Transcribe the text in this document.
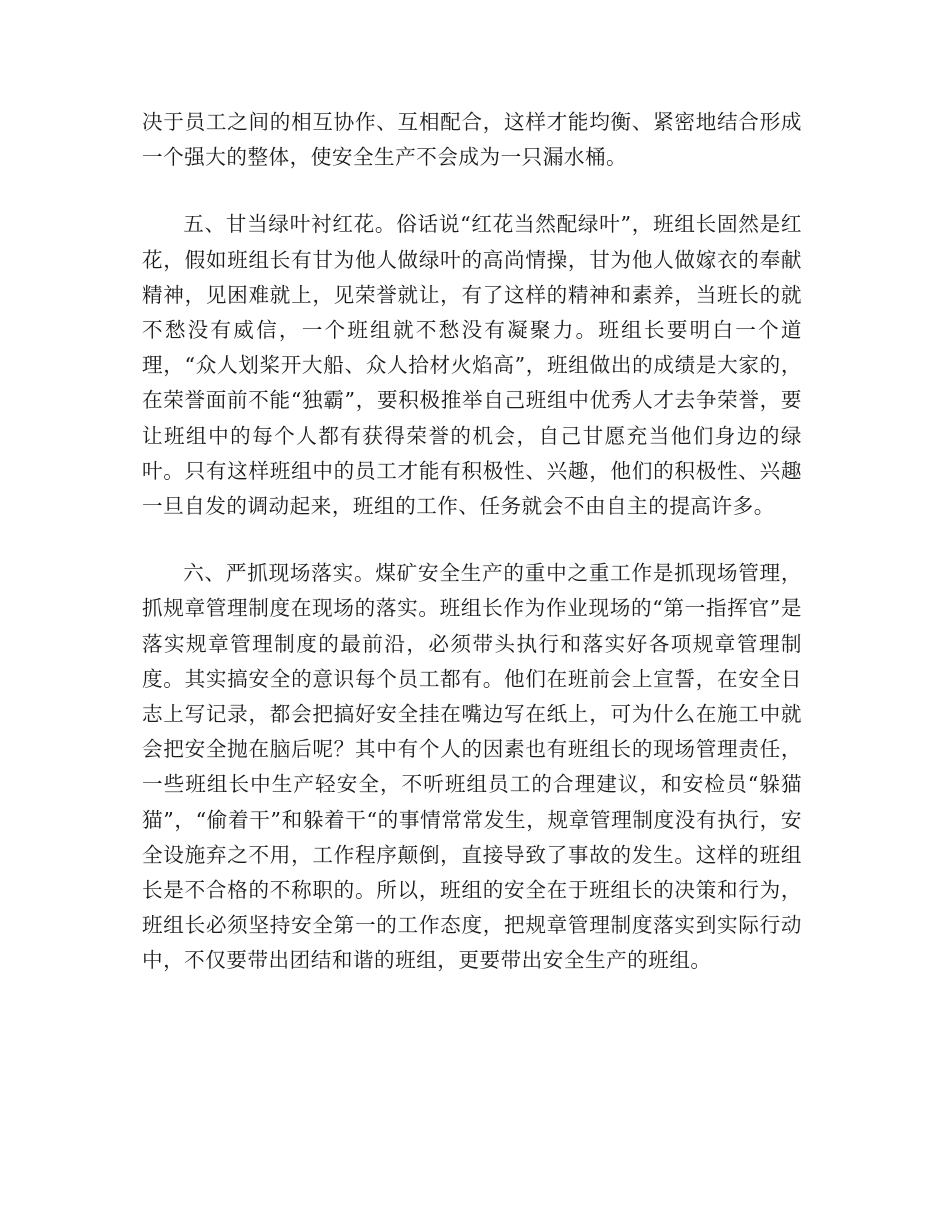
决于员工之间的相互协作、互相配合，这样才能均衡、紧密地结合形成一个强大的整体，使安全生产不会成为一只漏水桶。

五、甘当绿叶衬红花。俗话说“红花当然配绿叶”，班组长固然是红花，假如班组长有甘为他人做绿叶的高尚情操，甘为他人做嫁衣的奉献精神，见困难就上，见荣誉就让，有了这样的精神和素养，当班长的就不愁没有威信，一个班组就不愁没有凝聚力。班组长要明白一个道理，“众人划桨开大船、众人拾材火焰高”，班组做出的成绩是大家的，在荣誉面前不能“独霸”，要积极推举自己班组中优秀人才去争荣誉，要让班组中的每个人都有获得荣誉的机会，自己甘愿充当他们身边的绿叶。只有这样班组中的员工才能有积极性、兴趣，他们的积极性、兴趣一旦自发的调动起来，班组的工作、任务就会不由自主的提高许多。

六、严抓现场落实。煤矿安全生产的重中之重工作是抓现场管理，抓规章管理制度在现场的落实。班组长作为作业现场的“第一指挥官”是落实规章管理制度的最前沿，必须带头执行和落实好各项规章管理制度。其实搞安全的意识每个员工都有。他们在班前会上宣誓，在安全日志上写记录，都会把搞好安全挂在嘴边写在纸上，可为什么在施工中就会把安全抛在脑后呢？其中有个人的因素也有班组长的现场管理责任，一些班组长中生产轻安全，不听班组员工的合理建议，和安检员“躲猫猫”，“偷着干”和躲着干“的事情常常发生，规章管理制度没有执行，安全设施弃之不用，工作程序颠倒，直接导致了事故的发生。这样的班组长是不合格的不称职的。所以，班组的安全在于班组长的决策和行为，班组长必须坚持安全第一的工作态度，把规章管理制度落实到实际行动中，不仅要带出团结和谐的班组，更要带出安全生产的班组。
